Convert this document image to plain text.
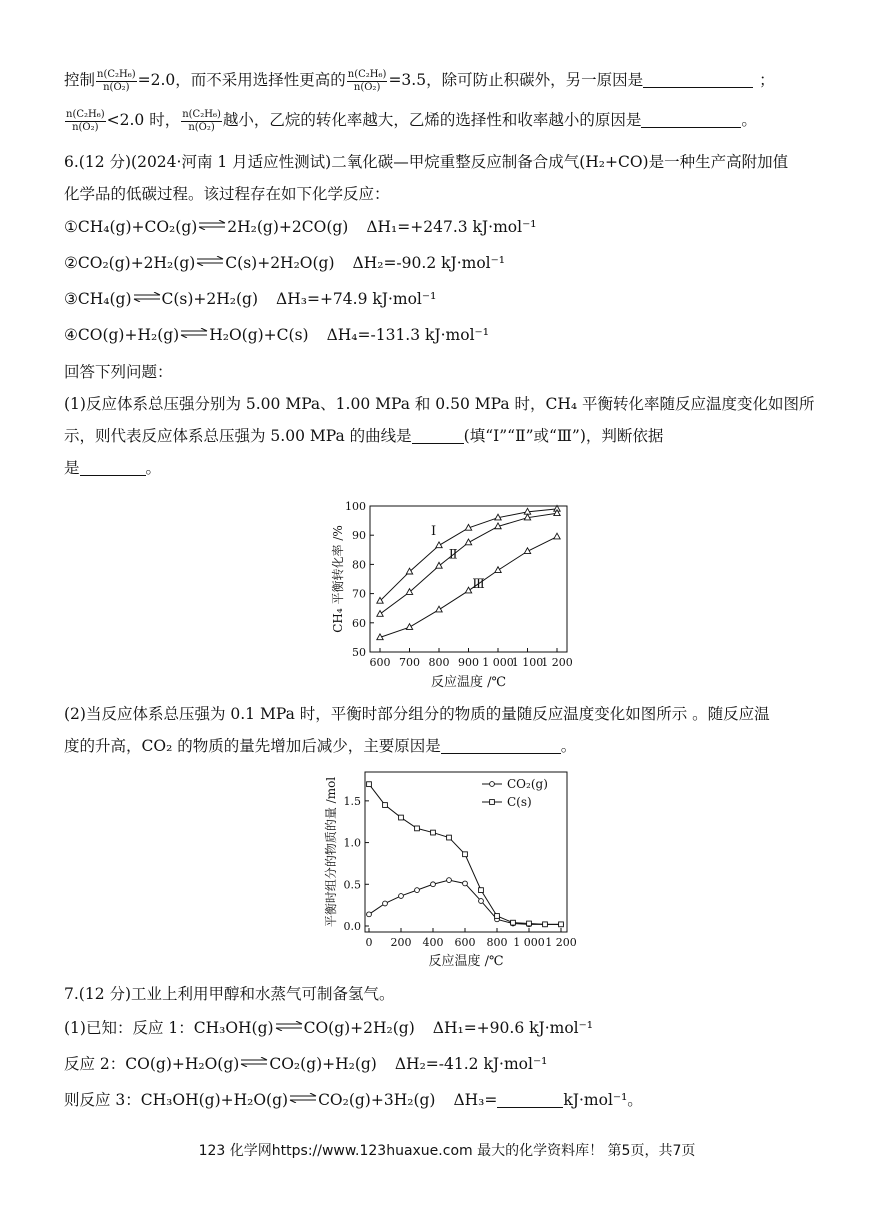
控制 $\frac{\text{n(C₂H₆)}}{\text{n(O₂)}} =2.0$，而不采用选择性更高的 $\frac{\text{n(C₂H₆)}}{\text{n(O₂)}} =3.5$，除可防止积碳外，另一原因是	；
$\frac{\text{n(C₂H₆)}}{\text{n(O₂)}} <2.0$ 时， $\frac{\text{n(C₂H₆)}}{\text{n(O₂)}}$ 越小，乙烷的转化率越大，乙烯的选择性和收率越小的原因是	。
6.(12 分)(2024·河南 1 月适应性测试)二氧化碳—甲烷重整反应制备合成气(H₂+CO)是一种生产高附加值
化学品的低碳过程。该过程存在如下化学反应：
①CH₄(g)+CO₂(g)⇌2H₂(g)+2CO(g) ΔH₁=+247.3 kJ·mol⁻¹
②CO₂(g)+2H₂(g)⇌C(s)+2H₂O(g) ΔH₂=-90.2 kJ·mol⁻¹
③CH₄(g)⇌C(s)+2H₂(g) ΔH₃=+74.9 kJ·mol⁻¹
④CO(g)+H₂(g)⇌H₂O(g)+C(s) ΔH₄=-131.3 kJ·mol⁻¹
回答下列问题：
(1)反应体系总压强分别为 5.00 MPa、1.00 MPa 和 0.50 MPa 时，CH₄ 平衡转化率随反应温度变化如图所
示，则代表反应体系总压强为 5.00 MPa 的曲线是	(填“Ⅰ”“Ⅱ”或“Ⅲ”)，判断依据
是	。
50
60
70
80
90
100
600 700 800 900 1 000
1 100
1 200
反应温度 /℃
CH₄ 平衡转化率 /%	Ⅰ
Ⅱ
Ⅲ
(2)当反应体系总压强为 0.1 MPa 时，平衡时部分组分的物质的量随反应温度变化如图所示 。随反应温
度的升高，CO₂ 的物质的量先增加后减少，主要原因是	。
0.0
0.5
1.0
1.5
0 200 400 600 800 1 000 1 200
反应温度 /℃
平衡时组分的物质的量 /mol	CO₂(g)
C(s)
7.(12 分)工业上利用甲醇和水蒸气可制备氢气。
(1)已知：反应 1：CH₃OH(g)⇌CO(g)+2H₂(g) ΔH₁=+90.6 kJ·mol⁻¹
反应 2：CO(g)+H₂O(g)⇌CO₂(g)+H₂(g) ΔH₂=-41.2 kJ·mol⁻¹
则反应 3：CH₃OH(g)+H₂O(g)⇌CO₂(g)+3H₂(g) ΔH₃=	kJ·mol⁻¹。
123 化学网https://www.123huaxue.com 最大的化学资料库！ 第5页，共7页
